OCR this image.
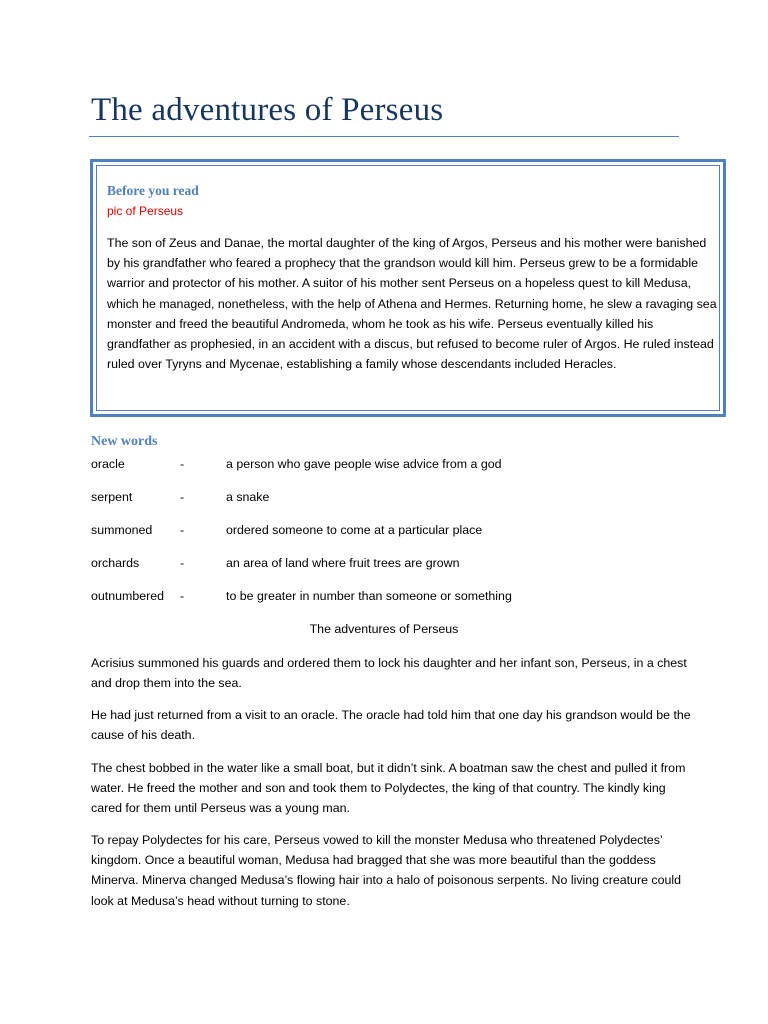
The adventures of Perseus
Before you read
pic of Perseus

The son of Zeus and Danae, the mortal daughter of the king of Argos, Perseus and his mother were banished by his grandfather who feared a prophecy that the grandson would kill him. Perseus grew to be a formidable warrior and protector of his mother. A suitor of his mother sent Perseus on a hopeless quest to kill Medusa, which he managed, nonetheless, with the help of Athena and Hermes. Returning home, he slew a ravaging sea monster and freed the beautiful Andromeda, whom he took as his wife. Perseus eventually killed his grandfather as prophesied, in an accident with a discus, but refused to become ruler of Argos. He ruled instead ruled over Tyryns and Mycenae, establishing a family whose descendants included Heracles.

New words
oracle	-	a person who gave people wise advice from a god
serpent	-	a snake
summoned -	ordered someone to come at a particular place
orchards	-	an area of land where fruit trees are grown
outnumbered -	to be greater in number than someone or something
The adventures of Perseus

Acrisius summoned his guards and ordered them to lock his daughter and her infant son, Perseus, in a chest and drop them into the sea.

He had just returned from a visit to an oracle. The oracle had told him that one day his grandson would be the cause of his death.

The chest bobbed in the water like a small boat, but it didn’t sink. A boatman saw the chest and pulled it from water. He freed the mother and son and took them to Polydectes, the king of that country. The kindly king cared for them until Perseus was a young man.

To repay Polydectes for his care, Perseus vowed to kill the monster Medusa who threatened Polydectes’ kingdom. Once a beautiful woman, Medusa had bragged that she was more beautiful than the goddess Minerva. Minerva changed Medusa’s flowing hair into a halo of poisonous serpents. No living creature could look at Medusa’s head without turning to stone.
